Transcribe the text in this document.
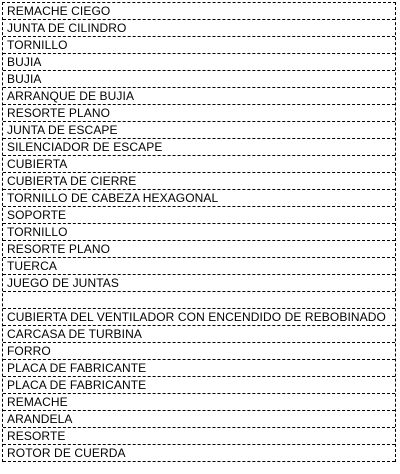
REMACHE CIEGO
JUNTA DE CILINDRO
TORNILLO
BUJIA
BUJIA
ARRANQUE DE BUJIA
RESORTE PLANO
JUNTA DE ESCAPE
SILENCIADOR DE ESCAPE
CUBIERTA
CUBIERTA DE CIERRE
TORNILLO DE CABEZA HEXAGONAL
SOPORTE
TORNILLO
RESORTE PLANO
TUERCA
JUEGO DE JUNTAS
CUBIERTA DEL VENTILADOR CON ENCENDIDO DE REBOBINADO
CARCASA DE TURBINA
FORRO
PLACA DE FABRICANTE
PLACA DE FABRICANTE
REMACHE
ARANDELA
RESORTE
ROTOR DE CUERDA
